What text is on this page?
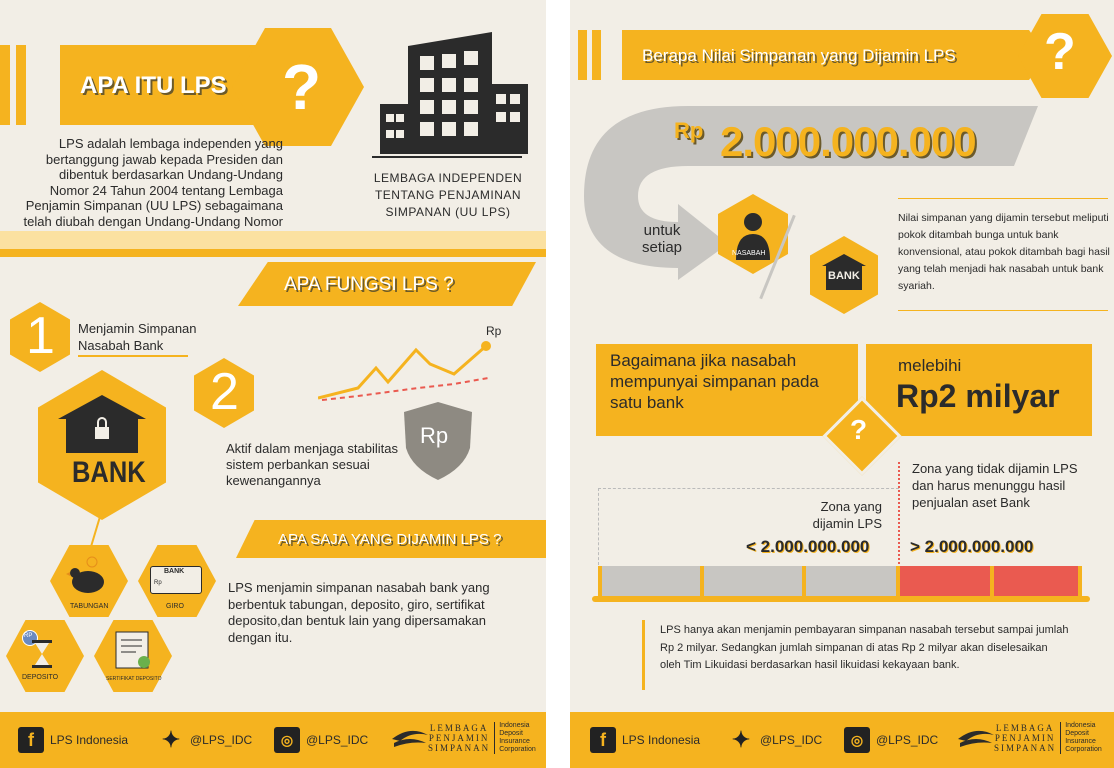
APA ITU LPS ?
LPS adalah lembaga independen yang bertanggung jawab kepada Presiden dan dibentuk berdasarkan Undang-Undang Nomor 24 Tahun 2004 tentang Lembaga Penjamin Simpanan (UU LPS) sebagaimana telah diubah dengan Undang-Undang Nomor
LEMBAGA INDEPENDEN TENTANG PENJAMINAN SIMPANAN (UU LPS)
APA FUNGSI LPS ?
1 Menjamin Simpanan Nasabah Bank
BANK
2
Rp
Rp
Aktif dalam menjaga stabilitas sistem perbankan sesuai kewenangannya
APA SAJA YANG DIJAMIN LPS ?
LPS menjamin simpanan nasabah bank yang berbentuk tabungan, deposito, giro, sertifikat deposito,dan bentuk lain yang dipersamakan dengan itu.
TABUNGAN
BANK
Rp
GIRO
RP
DEPOSITO	SERTIFIKAT DEPOSITO
f	LPS Indonesia ✦ @LPS_IDC	◎	@LPS_IDC
LEMBAGA
PENJAMIN
SIMPANAN
Indonesia
Deposit
Insurance
Corporation
Berapa Nilai Simpanan yang Dijamin LPS ?
Rp 2.000.000.000
untuk setiap	NASABAH
BANK
Nilai simpanan yang dijamin tersebut meliputi pokok ditambah bunga untuk bank konvensional, atau pokok ditambah bagi hasil yang telah menjadi hak nasabah untuk bank syariah.
Bagaimana jika nasabah mempunyai simpanan pada satu bank
melebihi
Rp2 milyar
?
Zona yang dijamin LPS
< 2.000.000.000
Zona yang tidak dijamin LPS dan harus menunggu hasil penjualan aset Bank
> 2.000.000.000
LPS hanya akan menjamin pembayaran simpanan nasabah tersebut sampai jumlah Rp 2 milyar. Sedangkan jumlah simpanan di atas Rp 2 milyar akan diselesaikan oleh Tim Likuidasi berdasarkan hasil likuidasi kekayaan bank.
f	LPS Indonesia ✦ @LPS_IDC	◎	@LPS_IDC
LEMBAGA
PENJAMIN
SIMPANAN
Indonesia
Deposit
Insurance
Corporation
